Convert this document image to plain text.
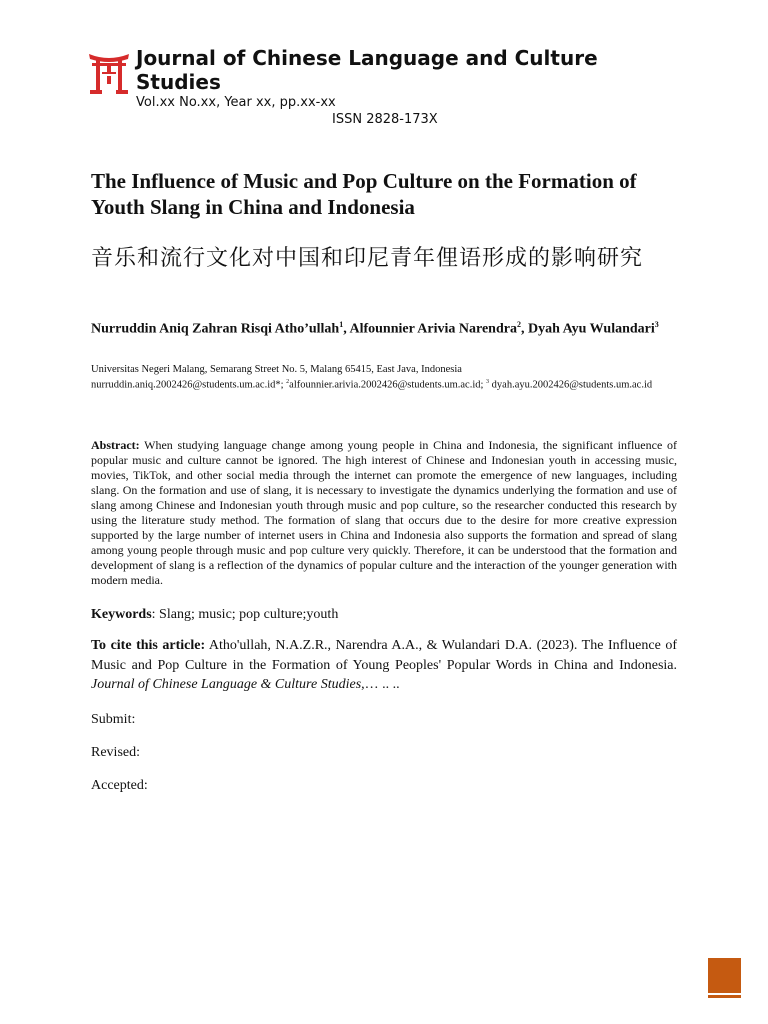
Journal of Chinese Language and Culture Studies
Vol.xx No.xx, Year xx, pp.xx-xx
ISSN 2828-173X
The Influence of Music and Pop Culture on the Formation of Youth Slang in China and Indonesia
音乐和流行文化对中国和印尼青年俚语形成的影响研究
Nurruddin Aniq Zahran Risqi Atho’ullah$^1$, Alfounnier Arivia Narendra$^2$, Dyah Ayu Wulandari$^3$
Universitas Negeri Malang, Semarang Street No. 5, Malang 65415, East Java, Indonesia
nurruddin.aniq.2002426@students.um.ac.id*; $^2$alfounnier.arivia.2002426@students.um.ac.id; $^3$ dyah.ayu.2002426@students.um.ac.id
Abstract: When studying language change among young people in China and Indonesia, the significant influence of popular music and culture cannot be ignored. The high interest of Chinese and Indonesian youth in accessing music, movies, TikTok, and other social media through the internet can promote the emergence of new languages, including slang. On the formation and use of slang, it is necessary to investigate the dynamics underlying the formation and use of slang among Chinese and Indonesian youth through music and pop culture, so the researcher conducted this research by using the literature study method. The formation of slang that occurs due to the desire for more creative expression supported by the large number of internet users in China and Indonesia also supports the formation and spread of slang among young people through music and pop culture very quickly. Therefore, it can be understood that the formation and development of slang is a reflection of the dynamics of popular culture and the interaction of the younger generation with modern media.
Keywords: Slang; music; pop culture;youth
To cite this article: Atho'ullah, N.A.Z.R., Narendra A.A., & Wulandari D.A. (2023). The Influence of Music and Pop Culture in the Formation of Young Peoples' Popular Words in China and Indonesia. Journal of Chinese Language & Culture Studies,… .. ..
Submit:
Revised:
Accepted:
